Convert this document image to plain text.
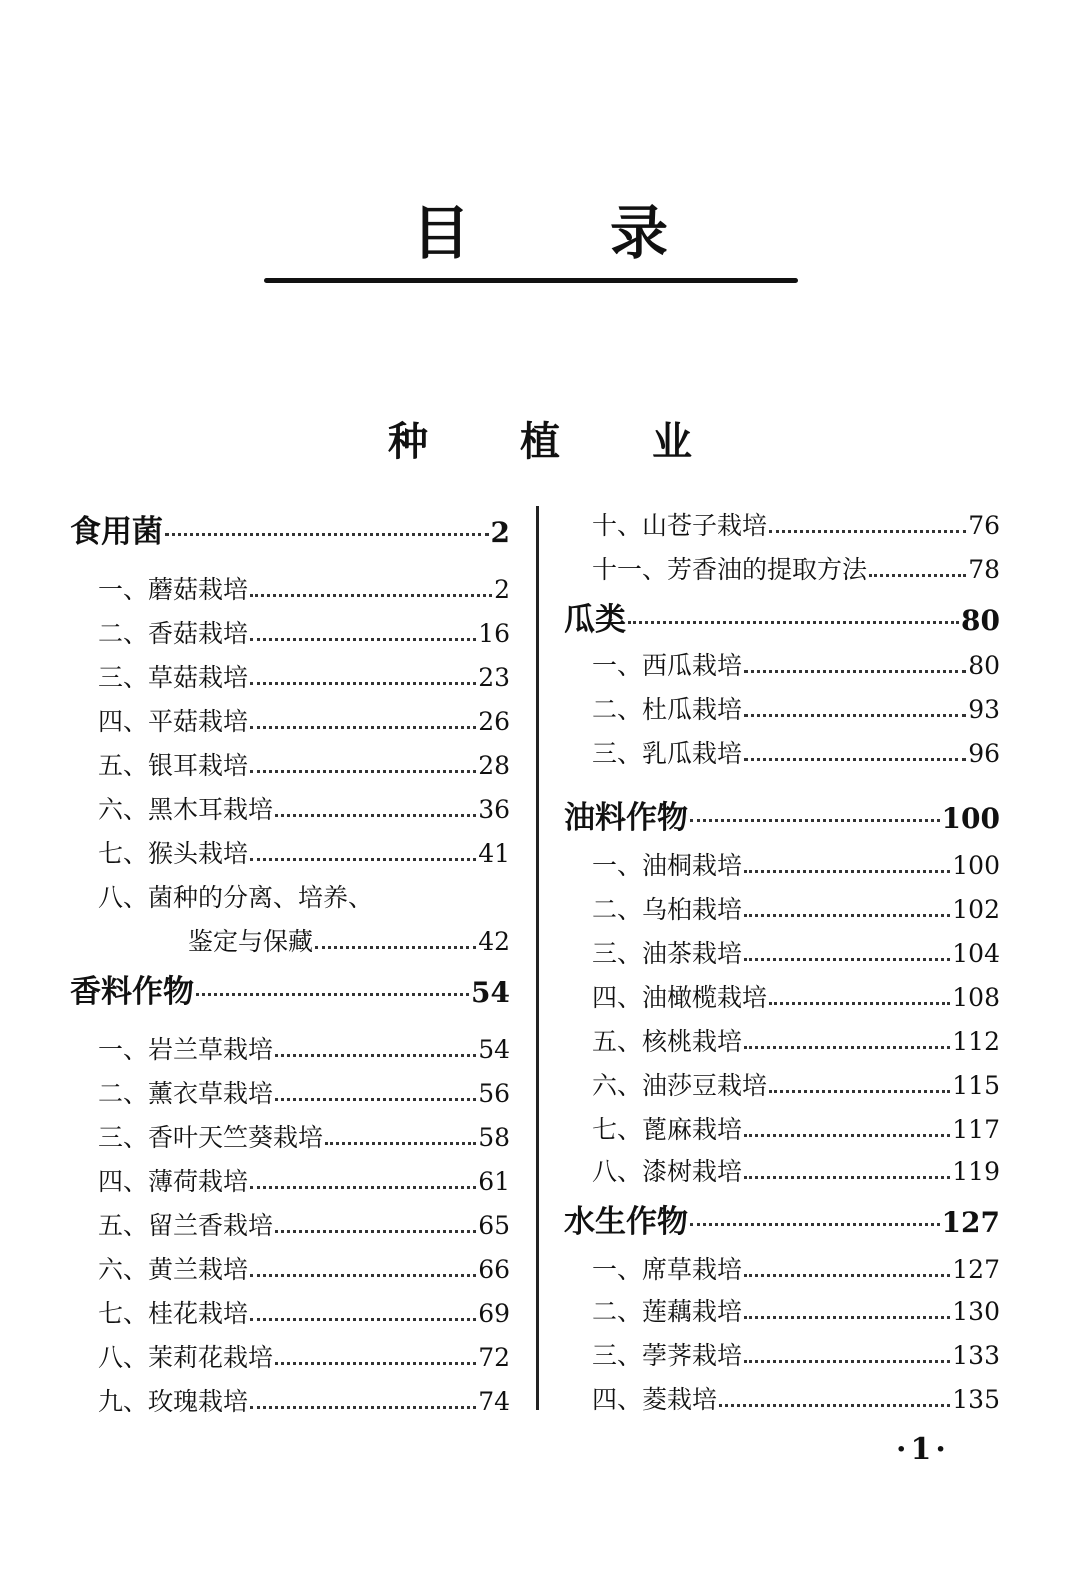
目 录
种 植 业
食用菌	2
一、蘑菇栽培	2
二、香菇栽培	16
三、草菇栽培	23
四、平菇栽培	26
五、银耳栽培	28
六、黑木耳栽培	36
七、猴头栽培	41
八、菌种的分离、培养、
鉴定与保藏	42
香料作物	54
一、岩兰草栽培	54
二、薰衣草栽培	56
三、香叶天竺葵栽培	58
四、薄荷栽培	61
五、留兰香栽培	65
六、黄兰栽培	66
七、桂花栽培	69
八、茉莉花栽培	72
九、玫瑰栽培	74
十、山苍子栽培	76
十一、芳香油的提取方法	78
瓜类	80
一、西瓜栽培	80
二、杜瓜栽培	93
三、乳瓜栽培	96
油料作物	100
一、油桐栽培	100
二、乌桕栽培	102
三、油茶栽培	104
四、油橄榄栽培	108
五、核桃栽培	112
六、油莎豆栽培	115
七、蓖麻栽培	117
八、漆树栽培	119
水生作物	127
一、席草栽培	127
二、莲藕栽培	130
三、荸荠栽培	133
四、菱栽培	135
·1·
